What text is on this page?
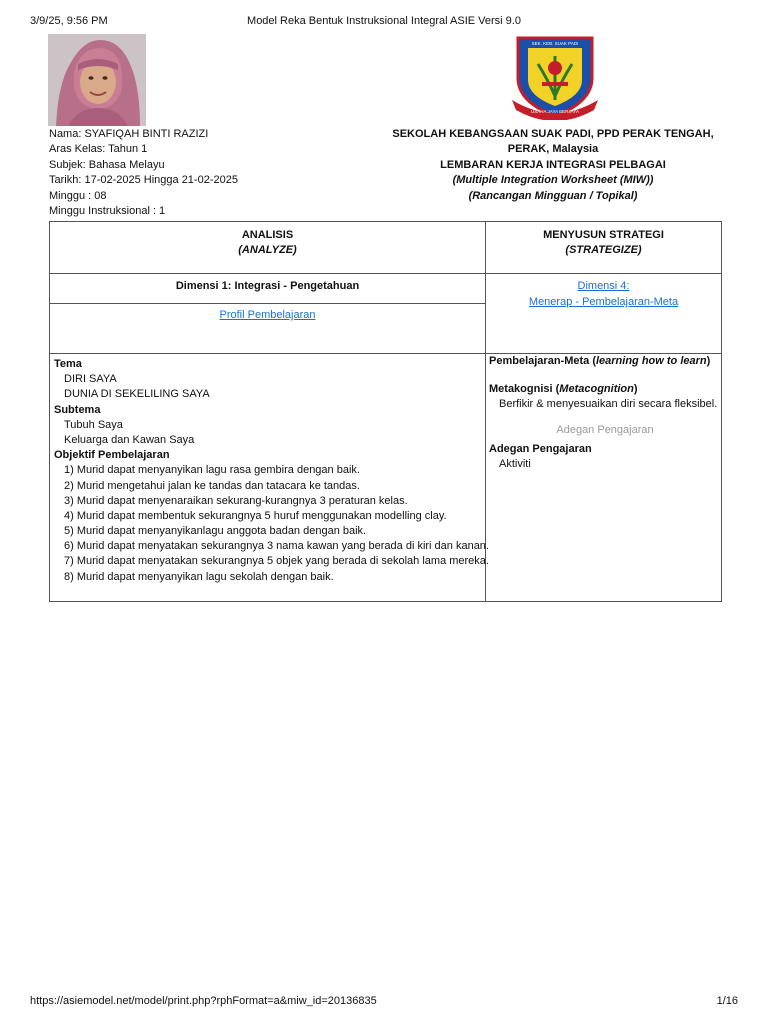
3/9/25, 9:56 PM	Model Reka Bentuk Instruksional Integral ASIE Versi 9.0
SEK. KEB. SUAK PADI
USAHA JAYA BERJAYA
Nama: SYAFIQAH BINTI RAZIZI
Aras Kelas: Tahun 1
Subjek: Bahasa Melayu
Tarikh: 17-02-2025 Hingga 21-02-2025
Minggu : 08
Minggu Instruksional : 1
SEKOLAH KEBANGSAAN SUAK PADI, PPD PERAK TENGAH,
PERAK, Malaysia
LEMBARAN KERJA INTEGRASI PELBAGAI
(Multiple Integration Worksheet (MIW))
(Rancangan Mingguan / Topikal)
ANALISIS
(ANALYZE)
MENYUSUN STRATEGI
(STRATEGIZE)
Dimensi 1: Integrasi - Pengetahuan
Profil Pembelajaran
Dimensi 4:
Menerap - Pembelajaran-Meta
Tema
DIRI SAYA
DUNIA DI SEKELILING SAYA
Subtema
Tubuh Saya
Keluarga dan Kawan Saya
Objektif Pembelajaran
1) Murid dapat menyanyikan lagu rasa gembira dengan baik.
2) Murid mengetahui jalan ke tandas dan tatacara ke tandas.
3) Murid dapat menyenaraikan sekurang-kurangnya 3 peraturan kelas.
4) Murid dapat membentuk sekurangnya 5 huruf menggunakan modelling clay.
5) Murid dapat menyanyikanlagu anggota badan dengan baik.
6) Murid dapat menyatakan sekurangnya 3 nama kawan yang berada di kiri dan kanan.
7) Murid dapat menyatakan sekurangnya 5 objek yang berada di sekolah lama mereka.
8) Murid dapat menyanyikan lagu sekolah dengan baik.
Pembelajaran-Meta (learning how to learn)
Metakognisi (Metacognition)
Berfikir & menyesuaikan diri secara fleksibel.
Adegan Pengajaran
Adegan Pengajaran
Aktiviti
https://asiemodel.net/model/print.php?rphFormat=a&miw_id=20136835	1/16
